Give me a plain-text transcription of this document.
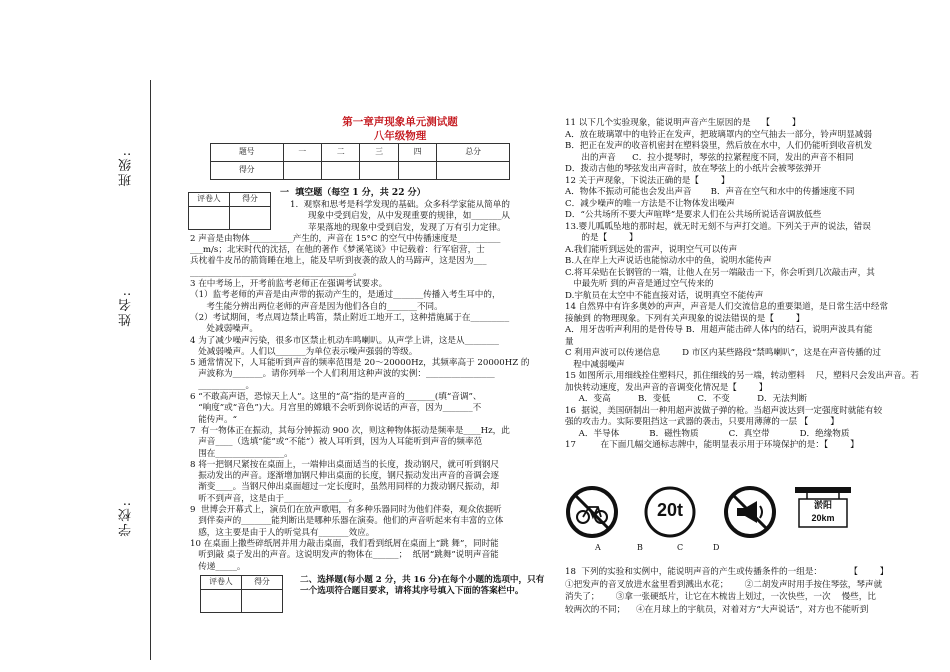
班级:
姓名:
学校:
第一章声现象单元测试题
八年级物理
题号	一	二	三	四	总分
得分					
评卷人	得分

一  填空题（每空 1 分，共 22 分）

1.  观察和思考是科学发现的基础。众多科学家能从简单的

现象中受到启发，从中发现重要的规律，如_______从

苹果落地的现象中受到启发，发现了万有引力定律。

2 声音是由物体__________产生的，声音在 15°C 的空气中传播速度是__________

___m/s；北宋时代的沈括，在他的著作《梦溪笔谈》中记载着：行军宿营，士

兵枕着牛皮吊的箭筒睡在地上，能及早听到夜袭的敌人的马蹄声，这是因为___

______________________________________。

3 在中考场上，开考前监考老师正在强调考试要求。

（1）监考老师的声音是由声带的振动产生的，是通过_______传播入考生耳中的，

考生能分辨出两位老师的声音是因为他们各自的_______不同。

（2）考试期间，考点周边禁止鸣笛，禁止附近工地开工，这种措施属于在_________

处减弱噪声。

4 为了减少噪声污染，很多市区禁止机动车鸣喇叭。从声学上讲，这是从________

处减弱噪声。人们以_______为单位表示噪声强弱的等级。

5 通常情况下，人耳能听到声音的频率范围是 20～20000Hz，其频率高于 20000HZ 的

声波称为_______。请你列举一个人们利用这种声波的实例：________________

___________。

6 “不敢高声语，恐惊天上人”。这里的“高”指的是声音的_______(填“音调”、

“响度”或“音色”)大。月宫里的嫦娥不会听到你说话的声音，因为_______不

能传声。“

7  有一物体正在振动，其每分钟振动 900 次，则这种物体振动是频率是____Hz，此

声音____（选填“能”或“不能”）被人耳听到，因为人耳能听到声音的频率范

围在________________。

8 将一把钢尺紧按在桌面上，一端伸出桌面适当的长度，拨动钢尺，就可听到钢尺

振动发出的声音。逐渐增加钢尺伸出桌面的长度，钢尺振动发出声音的音调会逐

渐变____。当钢尺伸出桌面超过一定长度时，虽然用同样的力拨动钢尺振动，却

听不到声音，这是由于_______________。

9  世博会开幕式上，演员们在放声歌唱，有多种乐器同时为他们伴奏，观众依据听

到伴奏声的_______能判断出是哪种乐器在演奏。他们的声音听起来有丰富的立体

感，这主要是由于人的听觉具有_______效应。

10 在桌面上撒些碎纸屑并用力敲击桌面，我们看到纸屑在桌面上“跳 舞”，同时能

听到敲 桌子发出的声音。这说明发声的物体在______；  纸屑“跳舞”说明声音能

传递_____。

评卷人	得分
		二、选择题(每小题 2 分，共 16 分)在每个小题的选项中，只有一个选项符合题目要求，请将其序号填入下面的答案栏中。

11 以下几个实验现象，能说明声音产生原因的是    【        】

A．放在玻璃罩中的电铃正在发声，把玻璃罩内的空气抽去一部分，铃声明显减弱

B．把正在发声的收音机密封在塑料袋里，然后放在水中，人们仍能听到收音机发

出的声音      C．拉小提琴时，琴弦的拉紧程度不同，发出的声音不相同

D．拨动吉他的琴弦发出声音时，放在琴弦上的小纸片会被琴弦弹开

12 关于声现象，下说法正确的是【        】

A．物体不振动可能也会发出声音       B．声音在空气和水中的传播速度不同

C．减少噪声的唯一方法是不让物体发出噪声

D．“公共场所不要大声喧哗”是要求人们在公共场所说话音调放低些

13.婴儿呱呱坠地的那时起，就无时无刻不与声打交道。下列关于声的说法，错误

的是【        】

A.我们能听到远处的雷声，说明空气可以传声

B.人在岸上大声说话也能惊动水中的鱼，说明水能传声

C.将耳朵贴在长钢管的一端，让他人在另一端敲击一下，你会听到几次敲击声，其

中最先听 到的声音是通过空气传来的

D.宇航员在太空中不能直接对话，说明真空不能传声

14 自然界中有许多奥妙的声声，声音是人们交流信息的重要渠道，是日常生活中经常

接触到 的物理现象。下列有关声现象的说法错误的是【        】

A．用牙齿听声利用的是骨传导 B．用超声能击碎人体内的结石，说明声波具有能

量

C 利用声波可以传递信息        D 市区内某些路段“禁鸣喇叭”，这是在声音传播的过

程中减弱噪声

15 如图所示,用细线拴住塑料尺，抓住细线的另一端，转动塑料    尺，塑料尺会发出声音。若加快转动速度，发出声音的音调变化情况是【        】

A．变高          B．变低          C．不变          D．无法判断

16  据说，美国研制出一种用超声波做子弹的枪。当超声波达到一定强度时就能有较

强的攻击力。实际要阻挡这一武器的袭击，只要用薄薄的一层 【        】

A．半导体           B．磁性物质           C．真空带           D．绝缘物质

17         在下面几幅交通标志牌中，能明显表示用于环境保护的是：【        】

20t	淤阳
20km
A	B	C	D

18  下列的实验和实例中，能说明声音的产生或传播条件的一组是：          【        】

①把发声的音叉放进水盆里看到溅出水花；      ②二胡发声时用手按住琴弦，琴声就

消失了；      ③拿一张硬纸片，让它在木梳齿上划过，一次快些，一次    慢些，比

较两次的不同；    ④在月球上的宇航员，对着对方“大声说话”，对方也不能听到
